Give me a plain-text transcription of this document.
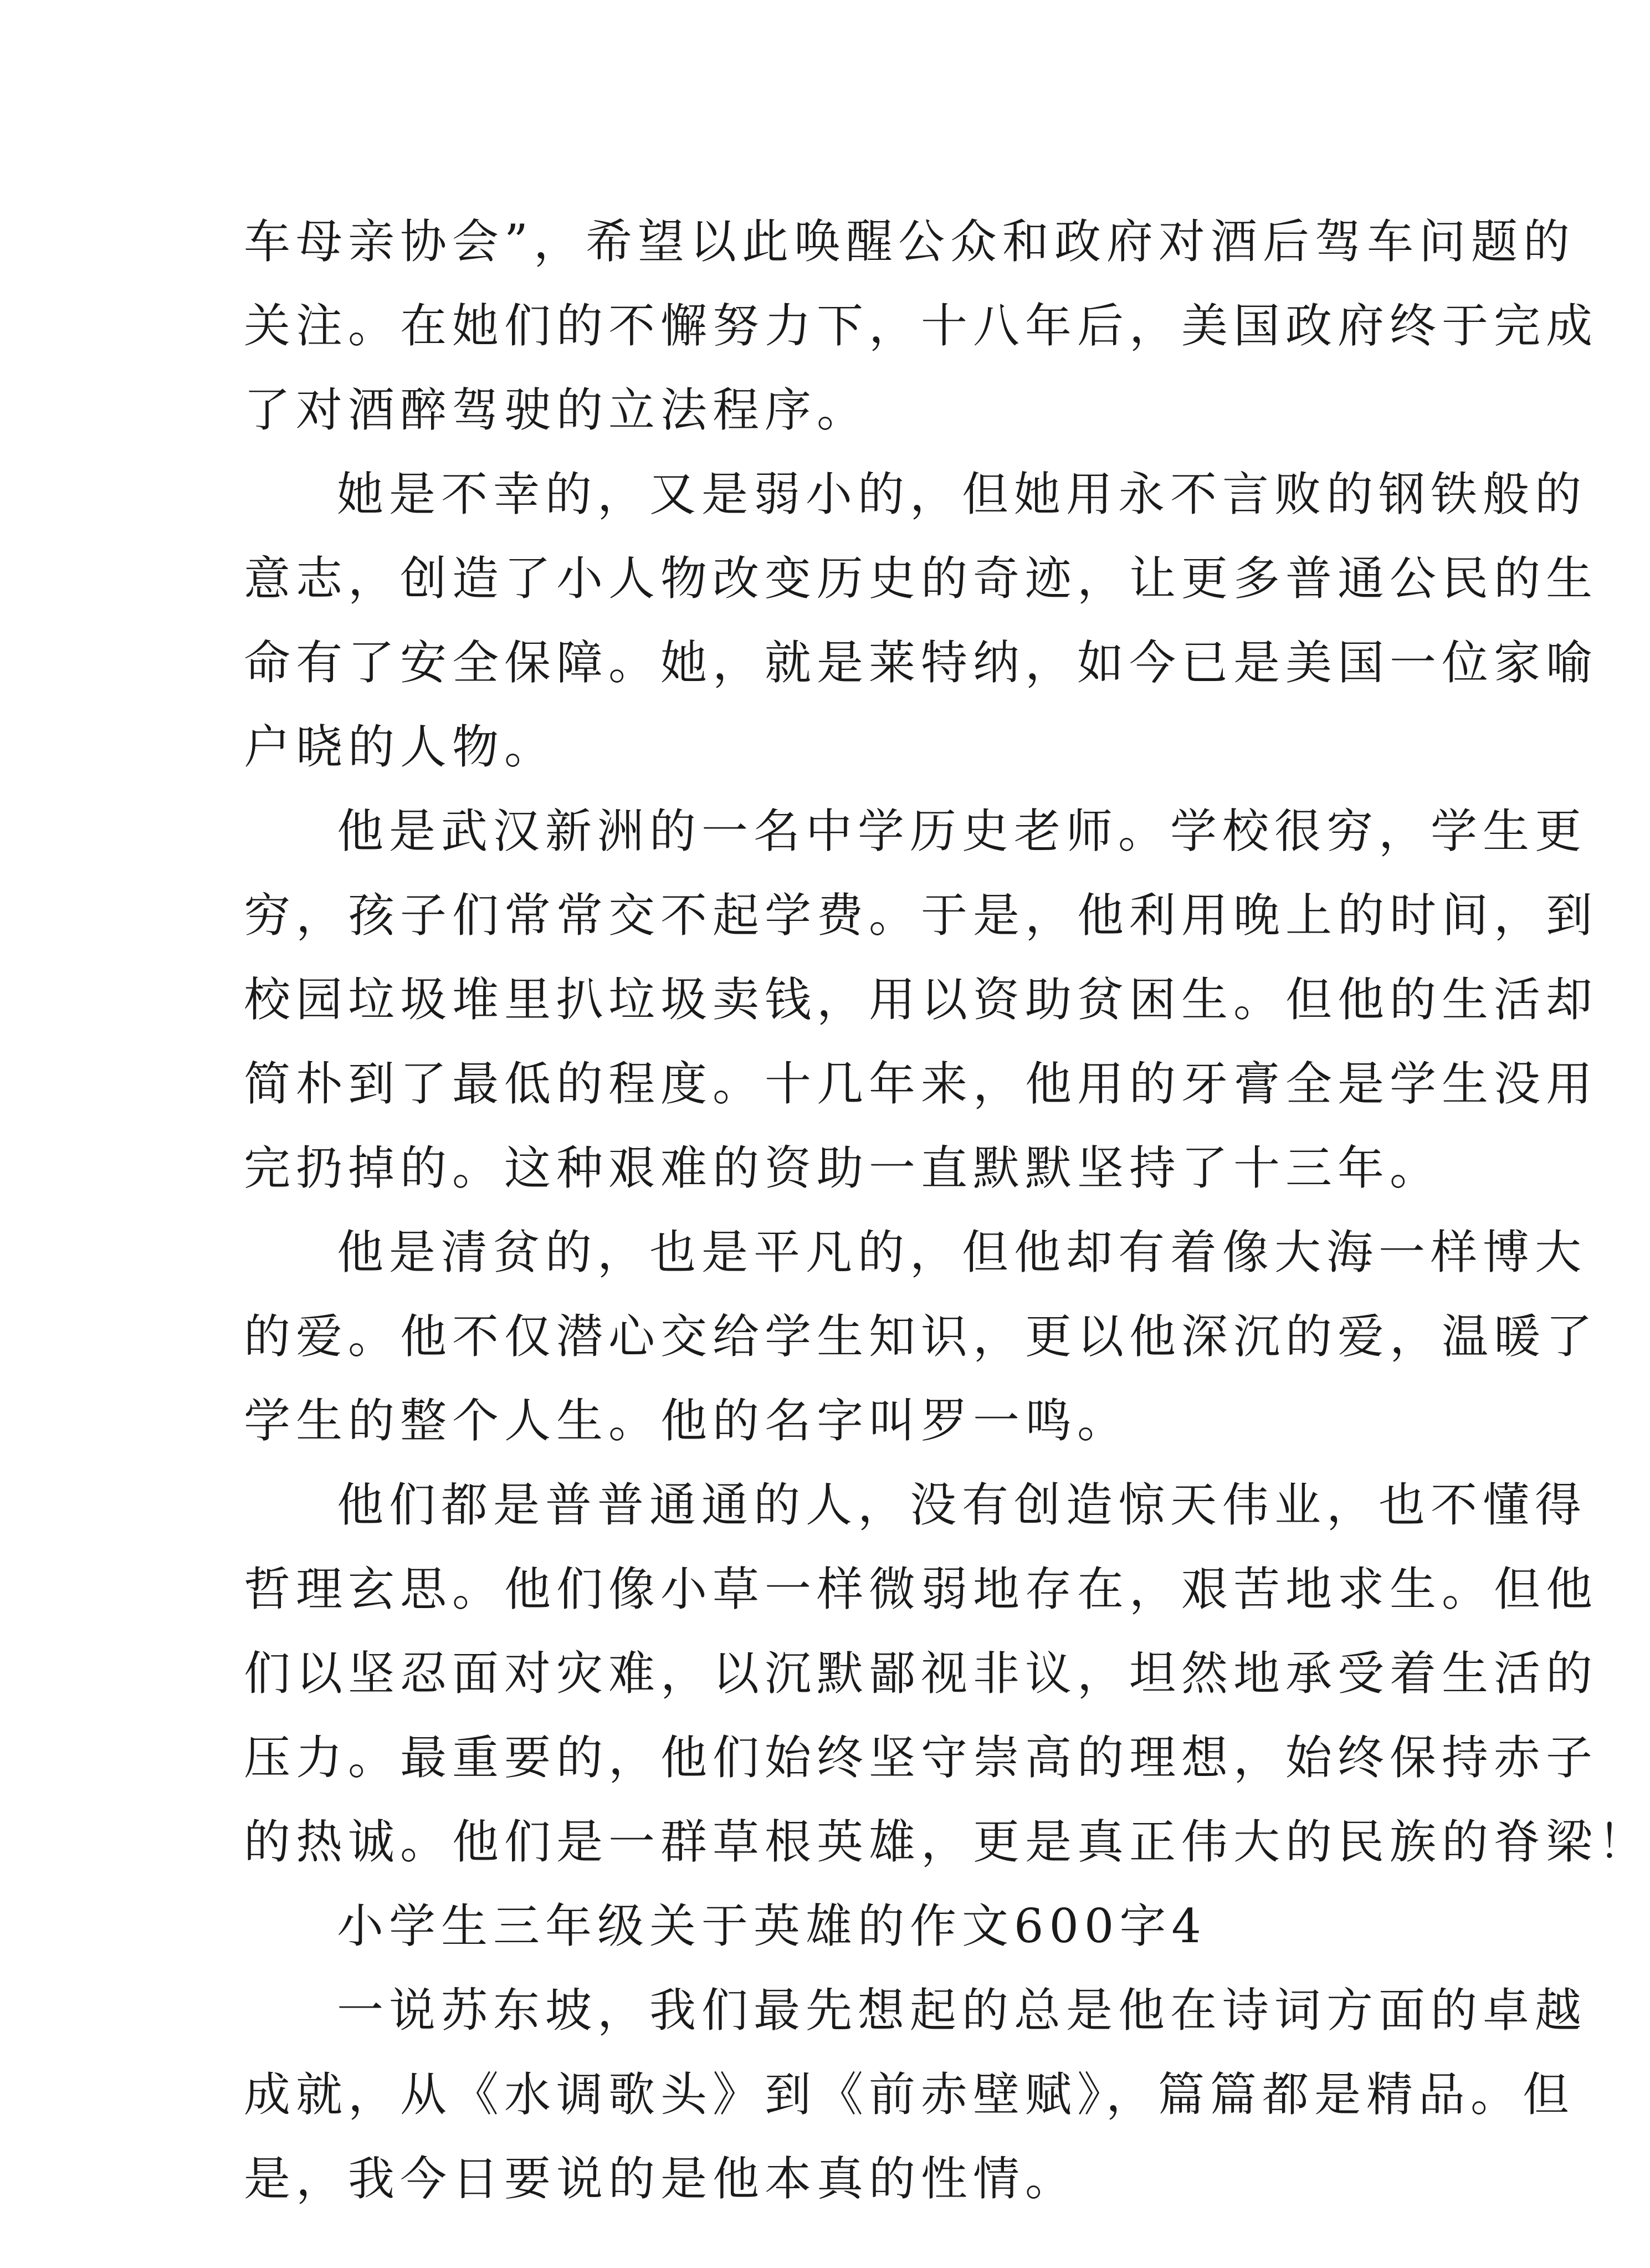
车母亲协会”，希望以此唤醒公众和政府对酒后驾车问题的
关注。在她们的不懈努力下，十八年后，美国政府终于完成
了对酒醉驾驶的立法程序。
她是不幸的，又是弱小的，但她用永不言败的钢铁般的
意志，创造了小人物改变历史的奇迹，让更多普通公民的生
命有了安全保障。她，就是莱特纳，如今已是美国一位家喻
户晓的人物。
他是武汉新洲的一名中学历史老师。学校很穷，学生更
穷，孩子们常常交不起学费。于是，他利用晚上的时间，到
校园垃圾堆里扒垃圾卖钱，用以资助贫困生。但他的生活却
简朴到了最低的程度。十几年来，他用的牙膏全是学生没用
完扔掉的。这种艰难的资助一直默默坚持了十三年。
他是清贫的，也是平凡的，但他却有着像大海一样博大
的爱。他不仅潜心交给学生知识，更以他深沉的爱，温暖了
学生的整个人生。他的名字叫罗一鸣。
他们都是普普通通的人，没有创造惊天伟业，也不懂得
哲理玄思。他们像小草一样微弱地存在，艰苦地求生。但他
们以坚忍面对灾难，以沉默鄙视非议，坦然地承受着生活的
压力。最重要的，他们始终坚守崇高的理想，始终保持赤子
的热诚。他们是一群草根英雄，更是真正伟大的民族的脊梁！
小学生三年级关于英雄的作文600字4
一说苏东坡，我们最先想起的总是他在诗词方面的卓越
成就，从《水调歌头》到《前赤壁赋》，篇篇都是精品。但
是，我今日要说的是他本真的性情。
